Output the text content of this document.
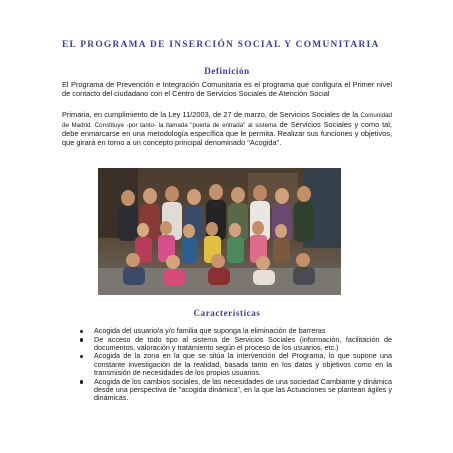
EL PROGRAMA DE INSERCIÓN SOCIAL Y COMUNITARIA
Definición

El Programa de Prevención e Integración Comunitaria es el programa que configura el Primer nivel de contacto del ciudadano con el Centro de Servicios Sociales de Atención Social

Primaria, en cumplimiento de la Ley 11/2003, de 27 de marzo, de Servicios Sociales de la Comunidad de Madrid. Constituye -por tanto- la llamada "puerta de entrada" al sistema de Servicios Sociales y como tal, debe enmarcarse en una metodología específica que le permita. Realizar sus funciones y objetivos, que girará en torno a un concepto principal denominado "Acogida".

Características
Acogida del usuario/a y/o familia que suponga la eliminación de barreras
De acceso de todo tipo al sistema de Servicios Sociales (información, facilitación de documentos, valoración y tratamiento según el proceso de los usuarios, etc.)
Acogida de la zona en la que se sitúa la intervención del Programa, lo que supone una constante investigación de la realidad, basada tanto en los datos y objetivos como en la transmisión de necesidades de los propios usuarios.
Acogida de los cambios sociales, de las necesidades de una sociedad Cambiante y dinámica desde una perspectiva de "acogida dinámica", en la que las Actuaciones se plantean ágiles y dinámicas.
